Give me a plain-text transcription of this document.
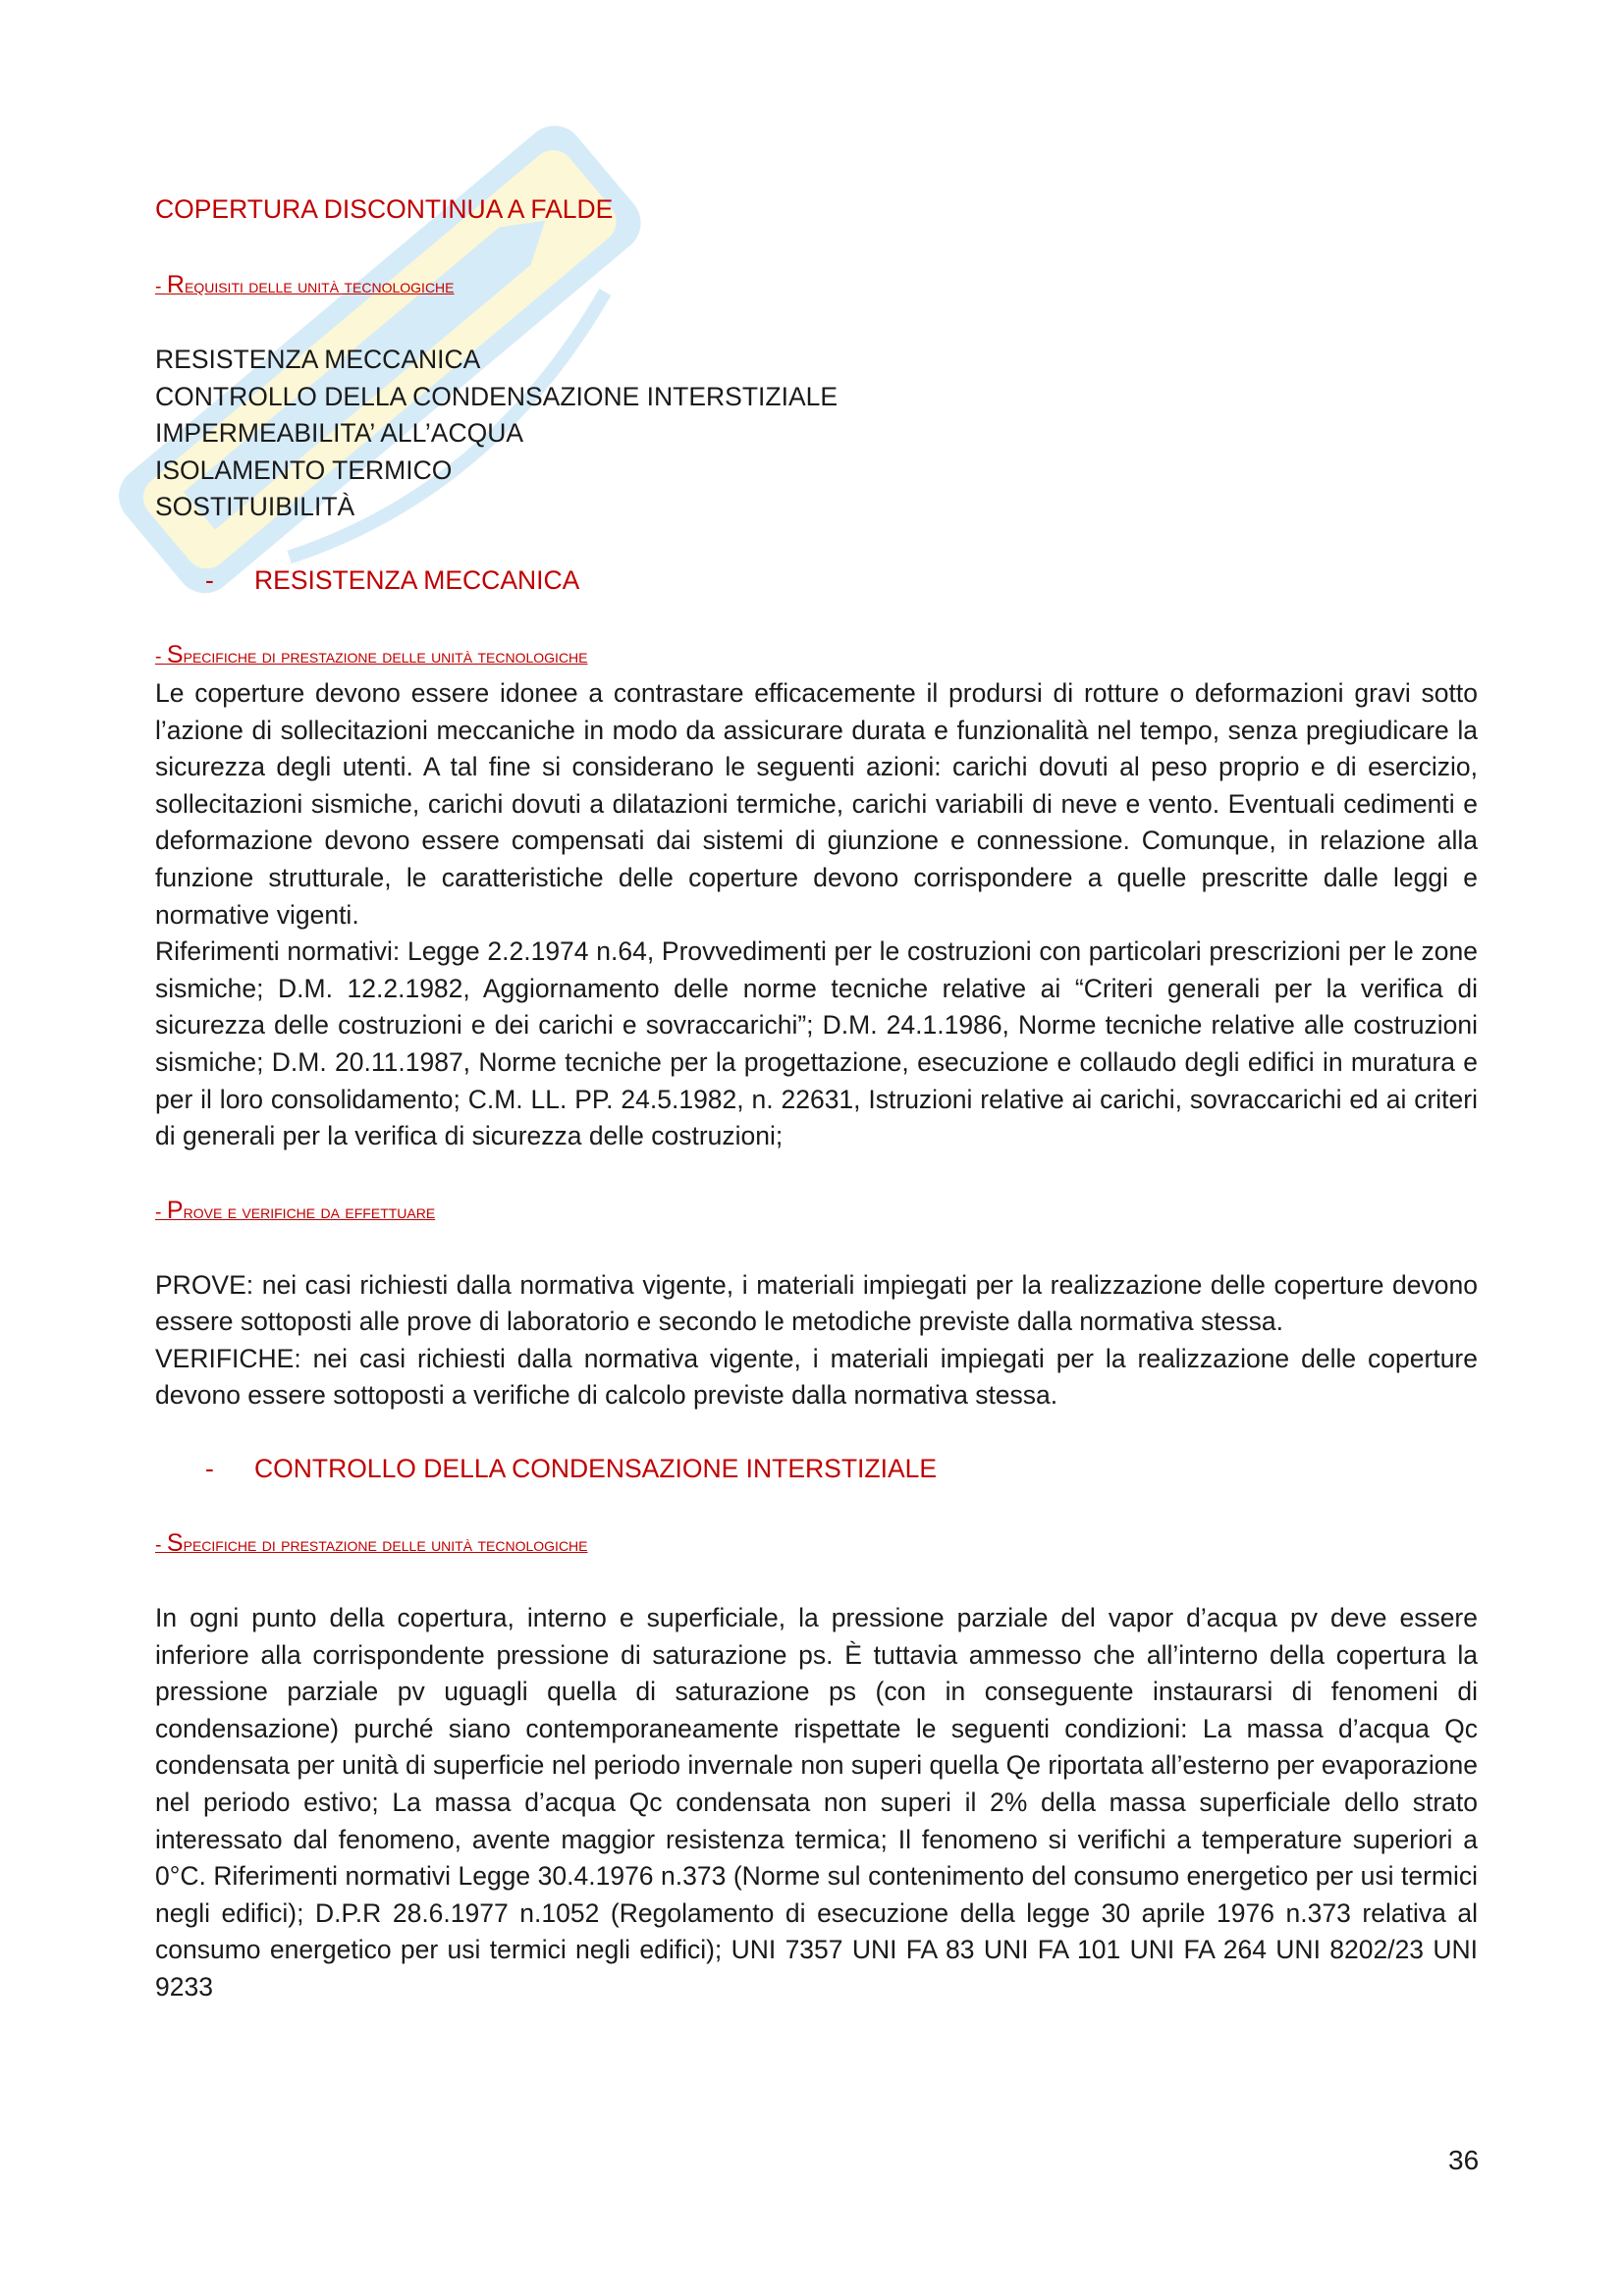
COPERTURA DISCONTINUA A FALDE

- Requisiti delle unità tecnologiche

RESISTENZA MECCANICA

CONTROLLO DELLA CONDENSAZIONE INTERSTIZIALE

IMPERMEABILITA’ ALL’ACQUA

ISOLAMENTO TERMICO

SOSTITUIBILITÀ

- RESISTENZA MECCANICA

- Specifiche di prestazione delle unità tecnologiche

Le coperture devono essere idonee a contrastare efficacemente il prodursi di rotture o deformazioni gravi sotto l’azione di sollecitazioni meccaniche in modo da assicurare durata e funzionalità nel tempo, senza pregiudicare la sicurezza degli utenti. A tal fine si considerano le seguenti azioni: carichi dovuti al peso proprio e di esercizio, sollecitazioni sismiche, carichi dovuti a dilatazioni termiche, carichi variabili di neve e vento. Eventuali cedimenti e deformazione devono essere compensati dai sistemi di giunzione e connessione. Comunque, in relazione alla funzione strutturale, le caratteristiche delle coperture devono corrispondere a quelle prescritte dalle leggi e normative vigenti.

Riferimenti normativi: Legge 2.2.1974 n.64, Provvedimenti per le costruzioni con particolari prescrizioni per le zone sismiche; D.M. 12.2.1982, Aggiornamento delle norme tecniche relative ai “Criteri generali per la verifica di sicurezza delle costruzioni e dei carichi e sovraccarichi”; D.M. 24.1.1986, Norme tecniche relative alle costruzioni sismiche; D.M. 20.11.1987, Norme tecniche per la progettazione, esecuzione e collaudo degli edifici in muratura e per il loro consolidamento; C.M. LL. PP. 24.5.1982, n. 22631, Istruzioni relative ai carichi, sovraccarichi ed ai criteri di generali per la verifica di sicurezza delle costruzioni;

- Prove e verifiche da effettuare

PROVE: nei casi richiesti dalla normativa vigente, i materiali impiegati per la realizzazione delle coperture devono essere sottoposti alle prove di laboratorio e secondo le metodiche previste dalla normativa stessa.

VERIFICHE: nei casi richiesti dalla normativa vigente, i materiali impiegati per la realizzazione delle coperture devono essere sottoposti a verifiche di calcolo previste dalla normativa stessa.

- CONTROLLO DELLA CONDENSAZIONE INTERSTIZIALE

- Specifiche di prestazione delle unità tecnologiche

In ogni punto della copertura, interno e superficiale, la pressione parziale del vapor d’acqua pv deve essere inferiore alla corrispondente pressione di saturazione ps. È tuttavia ammesso che all’interno della copertura la pressione parziale pv uguagli quella di saturazione ps (con in conseguente instaurarsi di fenomeni di condensazione) purché siano contemporaneamente rispettate le seguenti condizioni: La massa d’acqua Qc condensata per unità di superficie nel periodo invernale non superi quella Qe riportata all’esterno per evaporazione nel periodo estivo; La massa d’acqua Qc condensata non superi il 2% della massa superficiale dello strato interessato dal fenomeno, avente maggior resistenza termica; Il fenomeno si verifichi a temperature superiori a 0°C. Riferimenti normativi Legge 30.4.1976 n.373 (Norme sul contenimento del consumo energetico per usi termici negli edifici); D.P.R 28.6.1977 n.1052 (Regolamento di esecuzione della legge 30 aprile 1976 n.373 relativa al consumo energetico per usi termici negli edifici); UNI 7357 UNI FA 83 UNI FA 101 UNI FA 264 UNI 8202/23 UNI 9233

36
